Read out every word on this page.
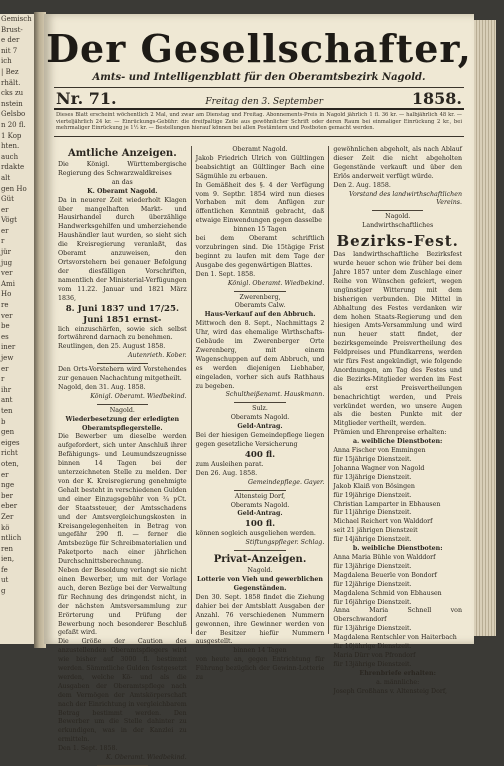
Gemisch
Brust-
e der
nit 7
ich
| Bez
rhält.
cks zu
nstein
Gelsbo
n 20 fl.
1 Kop
hten.
auch
rdakte
alt
gen Ho
Güt
er
Vögt
er
r
jür
jug
ver
Ami
Ho
re
ver
be
es
iner
jew
er
r
ihr
ant
ten
b
gen
eiges
richt
oten,
er
nge
ber
eber
Zer
kö
ntlich
ren
ien,
fe
ut
g
Der Gesellschafter,
Amts- und Intelligenzblatt für den Oberamtsbezirk Nagold.
Nr. 71.	Freitag den 3. September	1858.
Dieses Blatt erscheint wöchentlich 2 Mal, und zwar am Dienstag und Freitag. Abonnements-Preis in Nagold jährlich 1 fl. 36 kr. — halbjährlich 48 kr. — vierteljährlich 24 kr. — Einrückungs-Gebühr: die dreifpaltige Zeile aus gewöhnlicher Schrift oder deren Raum bei einmaliger Einrückung 2 kr., bei mehrmaliger Einrückung je 1½ kr. — Bestellungen hierauf können bei allen Postämtern und Postboten gemacht werden.
Amtliche Anzeigen.
Die Königl. Württembergische Regierung des Schwarzwaldkreises
an das
K. Oberamt Nagold.
Da in neuerer Zeit wiederholt Klagen über mangelhaften Markt- und Hausirhandel durch überzählige Handwerksgehilfen und umherziehende Haushändler laut wurden, so sieht sich die Kreisregierung veranlaßt, das Oberamt anzuweisen, den Ortsvorstehern bei genauer Befolgung der diesfälligen Vorschriften, namentlich der Ministerial-Verfügungen vom 11.22. Januar und 1821 März 1836,
8. Juni 1837 und 17/25. Juni 1851 ernst-
lich einzuschärfen, sowie sich selbst fortwährend darnach zu benehmen.
Reutlingen, den 25. August 1858.
Autenrieth. Kober.
Den Orts-Vorstehern wird Vorstehendes zur genauen Nachachtung mitgetheilt.
Nagold, den 31. Aug. 1858.
Königl. Oberamt. Wiedbekind.
Nagold.
Wiederbesetzung der erledigten Oberamtspflegerstelle.
Die Bewerber um dieselbe werden aufgefordert, sich unter Anschluß ihrer Befähigungs- und Leumundszeugnisse binnen 14 Tagen bei der unterzeichneten Stelle zu melden. Der von der K. Kreisregierung genehmigte Gehalt besteht in verschiedenen Gulden und einer Einzugsgebühr von ¾ pCt. der Staatssteuer, der Amtsschadens und der Amtsvergleichungskosten in Kreisangelegenheiten in Betrag von ungefähr 290 fl. — ferner die Amtsbezüge für Schreibmaterialien und Paketporto nach einer jährlichen Durchschnittsberechnung.
Neben der Besoldung verlangt sie nicht einen Bewerber, um mit der Vorlage auch, deren Bezüge bei der Verwaltung für Rechnung des dringendst nicht, in der nächsten Amtsversammlung zur Erörterung und Prüfung der Bewerbung noch besonderer Beschluß gefaßt wird.
Die Größe der Caution des anzustellenden Oberamtspflegers wird wie bisher auf 3000 fl. bestimmt werden. Sämmtliche Gulden festgesetzt werden, welche Kö- und als die Ausgaben der Oberamtspflege nach dem Vermögen der Amtskörperschaft nach der Einrichtung in vergleichbarem Betrag bestimmt werden. Den Bewerber um die Stelle dahinter zu erkundigen, was in der Kanzlei zu ermitteln.
Den 1. Sept. 1858.
K. Oberamt. Wiedbekind.
Oberamt Nagold.
Jakob Friedrich Ulrich von Gültlingen beabsichtigt an Gültlinger Bach eine Sägmühle zu erbauen.
In Gemäßheit des §. 4 der Verfügung vom 9. Septbr. 1854 wird nun dieses Vorhaben mit dem Anfügen zur öffentlichen Kenntniß gebracht, daß etwaige Einwendungen gegen dasselbe
binnen 15 Tagen
bei dem Oberamt schriftlich vorzubringen sind. Die 15tägige Frist beginnt zu laufen mit dem Tage der Ausgabe des gegenwärtigen Blattes.
Den 1. Sept. 1858.
Königl. Oberamt. Wiedbekind.
Zwerenberg,
Oberamts Calw.
Haus-Verkauf auf den Abbruch.
Mittwoch den 8. Sept., Nachmittags 2 Uhr, wird das ehemalige Wirthschafts-Gebäude im Zwerenberger Orte Zwerenberg, mit einem Wagenschuppen auf dem Abbruch, und es werden diejenigen Liebhaber, eingeladen, vorher sich aufs Rathhaus zu begeben.
Schultheißenamt. Hauskmann.
Sulz.
Oberamts Nagold.
Geld-Antrag.
Bei der hiesigen Gemeindepflege liegen gegen gesetzliche Versicherung
400 fl.
zum Ausleihen parat.
Den 26. Aug. 1858.
Gemeindepflege. Gayer.
Altensteig Dorf,
Oberamts Nagold.
Geld-Antrag.
100 fl.
können sogleich ausgeliehen werden.
Stiftungspfleger. Schlag.
Privat-Anzeigen.
Nagold.
Lotterie von Vieh und gewerblichen Gegenständen.
Den 30. Sept. 1858 findet die Ziehung dahier bei der Amtsblatt Ausgaben der Anzahl. 76 verschiedenen Nummern gewonnen, ihre Gewinner werden von der Besitzer hiefür Nummern ausgestellt.
binnen 14 Tagen
von heute an, gegen Entrichtung für Führung bezüglich der Gewinn-Lotterie zu
gewöhnlichen abgeholt, als nach Ablauf dieser Zeit die nicht abgeholten Gegenstände verkauft und über den Erlös anderweit verfügt würde.
Den 2. Aug. 1858.
Vorstand des landwirthschaftlichen Vereins.
Nagold.
Landwirthschaftliches
Bezirks-Fest.
Das landwirthschaftliche Bezirksfest wurde heuer schon wie früher bei dem Jahre 1857 unter dem Zuschlage einer Reihe von Wünschen gefeiert, wegen ungünstiger Witterung mit dem bisherigen verbunden. Die Mittel in Abhaltung des Festes verdanken wir dem hohen Staats-Regierung und den hiesigen Amts-Versammlung und wird nun heuer statt findet, der bezirksgemeinde Preisvertheilung des Feldpreises und Pfundkarrens, werden wir fürs Fest angekündigt, wie folgende Anordnungen, am Tag des Festes und die Bezirks-Mitglieder werden im Fest als erst Preisvertheilungen benachrichtigt werden, und Preis verkündet werden, wo unsere Augen als die besten Punkte mit der Mitglieder vertheilt, werden.
Prämien und Ehrenpreise erhalten:
a. weibliche Dienstboten:
Anna Fischer von Emmingen
für 15jährige Dienstzeit.
Johanna Wagner von Nagold
für 13jährige Dienstzeit.
Jakob Klaiß von Bösingen
für 19jährige Dienstzeit.
Christian Lamparter in Ebhausen
für 11jährige Dienstzeit.
Michael Reichert von Walddorf
seit 21 jährigen Dienstzeit
für 14jährige Dienstzeit.
b. weibliche Dienstboten:
Anna Maria Bühle von Walddorf
für 13jährige Dienstzeit.
Magdalena Beuerle von Bondorf
für 12jährige Dienstzeit.
Magdalena Schmid von Ebhausen
für 16jährige Dienstzeit.
Anna Maria Schnell von Oberschwandorf
für 13jährige Dienstzeit.
Magdalena Rentschler von Haiterbach
für 10jährige Dienstzeit.
Maria Dürr von Pfrondorf
für 13jährige Dienstzeit.
Ehrenbriefe erhalten:
a. männliche:
Joseph Großhans v. Altensteig Dorf,
